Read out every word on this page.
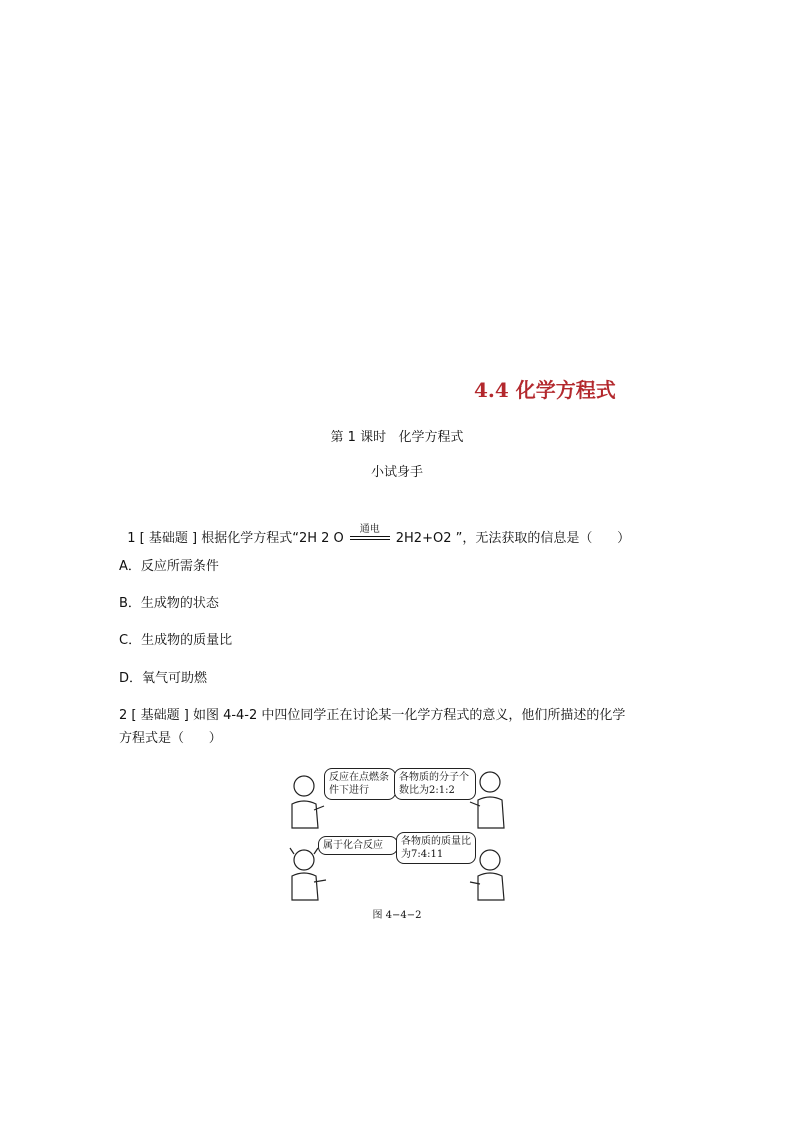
4.4 化学方程式
第 1 课时   化学方程式
小试身手

1 [ 基础题 ] 根据化学方程式“2H 2 O
通电
2H2+O2 ”，无法获取的信息是（      ）

A．反应所需条件
B．生成物的状态
C．生成物的质量比
D．氧气可助燃
2 [ 基础题 ] 如图 4-4-2 中四位同学正在讨论某一化学方程式的意义，他们所描述的化学
方程式是（      ）
反应在点燃条件下进行
各物质的分子个数比为2:1:2
属于化合反应	各物质的质量比为7:4:11
图 4−4−2
